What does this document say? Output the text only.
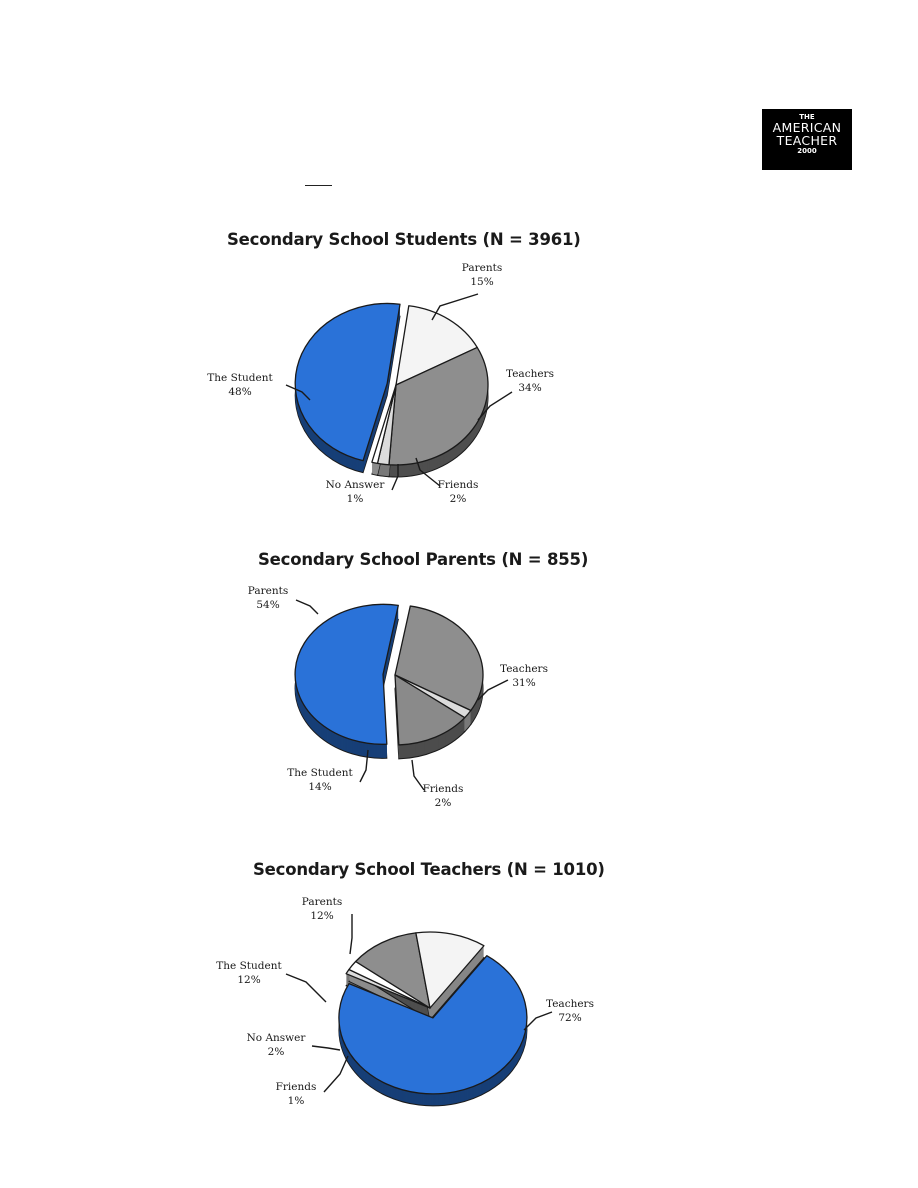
THE
AMERICAN
TEACHER
2000
Secondary School Students (N = 3961)
Secondary School Parents (N = 855)
Secondary School Teachers (N = 1010)
Parents
15%
Teachers
34%
Friends
2%
No Answer
1%
The Student
48%
Teachers
31%
Friends
2%
The Student
14%
Parents
54%
Teachers
72%
Friends
1%
No Answer
2%
The Student
12%
Parents
12%
